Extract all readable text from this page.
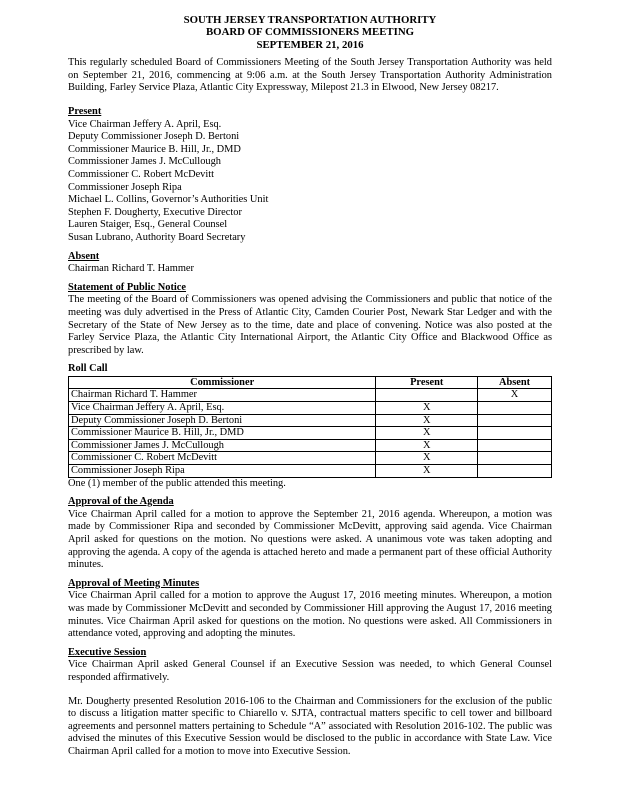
SOUTH JERSEY TRANSPORTATION AUTHORITY
BOARD OF COMMISSIONERS MEETING
SEPTEMBER 21, 2016

This regularly scheduled Board of Commissioners Meeting of the South Jersey Transportation Authority was held on September 21, 2016, commencing at 9:06 a.m. at the South Jersey Transportation Authority Administration Building, Farley Service Plaza, Atlantic City Expressway, Milepost 21.3 in Elwood, New Jersey 08217.

Present

Vice Chairman Jeffery A. April, Esq.
Deputy Commissioner Joseph D. Bertoni
Commissioner Maurice B. Hill, Jr., DMD
Commissioner James J. McCullough
Commissioner C. Robert McDevitt
Commissioner Joseph Ripa
Michael L. Collins, Governor’s Authorities Unit
Stephen F. Dougherty, Executive Director
Lauren Staiger, Esq., General Counsel
Susan Lubrano, Authority Board Secretary

Absent

Chairman Richard T. Hammer

Statement of Public Notice

The meeting of the Board of Commissioners was opened advising the Commissioners and public that notice of the meeting was duly advertised in the Press of Atlantic City, Camden Courier Post, Newark Star Ledger and with the Secretary of the State of New Jersey as to the time, date and place of convening. Notice was also posted at the Farley Service Plaza, the Atlantic City International Airport, the Atlantic City Office and Blackwood Office as prescribed by law.

Roll Call

Commissioner	Present	Absent
Chairman Richard T. Hammer		X
Vice Chairman Jeffery A. April, Esq.	X	
Deputy Commissioner Joseph D. Bertoni	X	
Commissioner Maurice B. Hill, Jr., DMD	X	
Commissioner James J. McCullough	X	
Commissioner C. Robert McDevitt	X	
Commissioner Joseph Ripa	X	

One (1) member of the public attended this meeting.

Approval of the Agenda

Vice Chairman April called for a motion to approve the September 21, 2016 agenda. Whereupon, a motion was made by Commissioner Ripa and seconded by Commissioner McDevitt, approving said agenda. Vice Chairman April asked for questions on the motion. No questions were asked. A unanimous vote was taken adopting and approving the agenda. A copy of the agenda is attached hereto and made a permanent part of these official Authority minutes.

Approval of Meeting Minutes

Vice Chairman April called for a motion to approve the August 17, 2016 meeting minutes. Whereupon, a motion was made by Commissioner McDevitt and seconded by Commissioner Hill approving the August 17, 2016 meeting minutes. Vice Chairman April asked for questions on the motion. No questions were asked. All Commissioners in attendance voted, approving and adopting the minutes.

Executive Session

Vice Chairman April asked General Counsel if an Executive Session was needed, to which General Counsel responded affirmatively.

Mr. Dougherty presented Resolution 2016-106 to the Chairman and Commissioners for the exclusion of the public to discuss a litigation matter specific to Chiarello v. SJTA, contractual matters specific to cell tower and billboard agreements and personnel matters pertaining to Schedule “A” associated with Resolution 2016-102. The public was advised the minutes of this Executive Session would be disclosed to the public in accordance with State Law. Vice Chairman April called for a motion to move into Executive Session.
